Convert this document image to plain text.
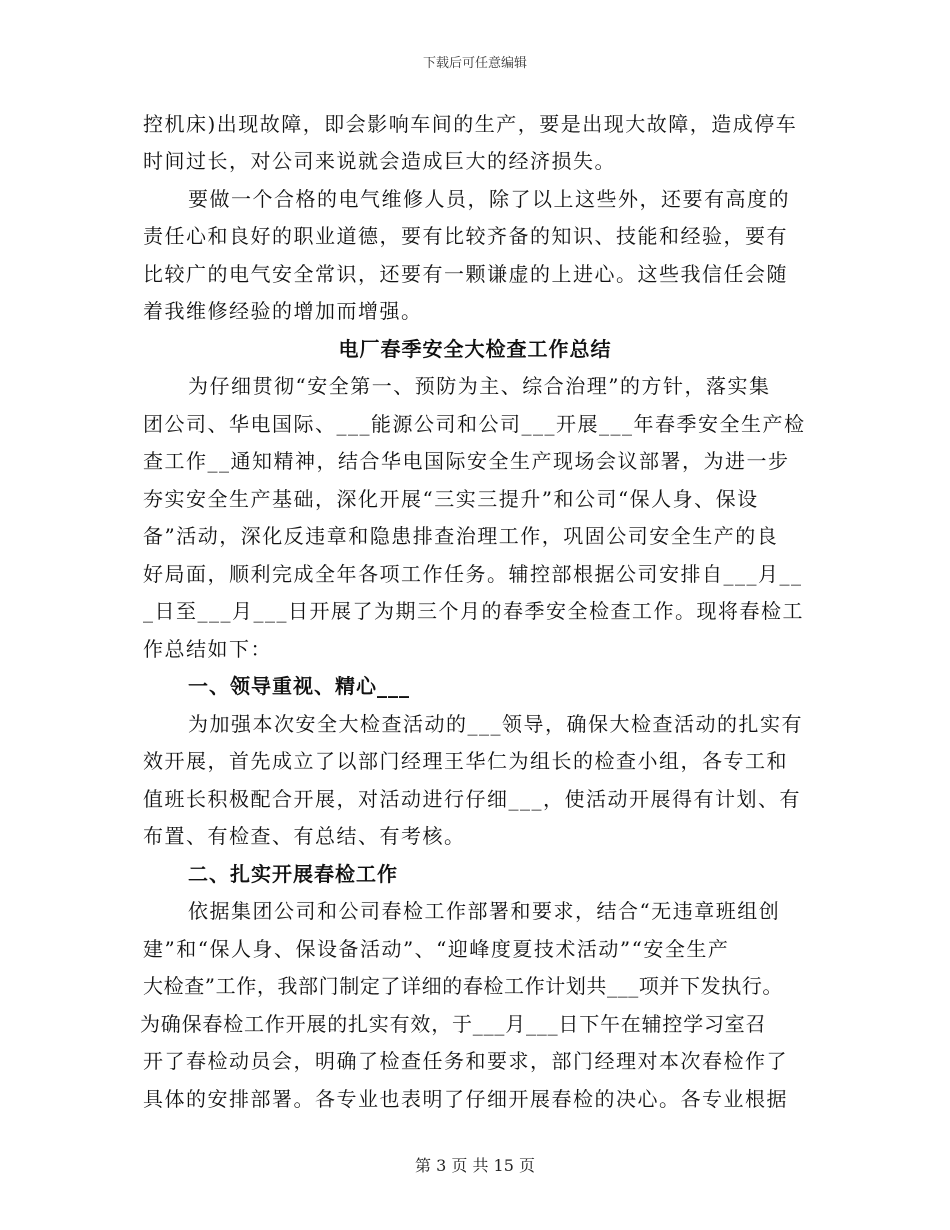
下载后可任意编辑
控机床)出现故障，即会影响车间的生产，要是出现大故障，造成停车
时间过长，对公司来说就会造成巨大的经济损失。
要做一个合格的电气维修人员，除了以上这些外，还要有高度的
责任心和良好的职业道德，要有比较齐备的知识、技能和经验，要有
比较广的电气安全常识，还要有一颗谦虚的上进心。这些我信任会随
着我维修经验的增加而增强。
电厂春季安全大检查工作总结
为仔细贯彻“安全第一、预防为主、综合治理”的方针，落实集
团公司、华电国际、___能源公司和公司___开展___年春季安全生产检
查工作__通知精神，结合华电国际安全生产现场会议部署，为进一步
夯实安全生产基础，深化开展“三实三提升”和公司“保人身、保设
备”活动，深化反违章和隐患排查治理工作，巩固公司安全生产的良
好局面，顺利完成全年各项工作任务。辅控部根据公司安排自___月__
_日至___月___日开展了为期三个月的春季安全检查工作。现将春检工
作总结如下：
一、领导重视、精心___
为加强本次安全大检查活动的___领导，确保大检查活动的扎实有
效开展，首先成立了以部门经理王华仁为组长的检查小组，各专工和
值班长积极配合开展，对活动进行仔细___，使活动开展得有计划、有
布置、有检查、有总结、有考核。
二、扎实开展春检工作
依据集团公司和公司春检工作部署和要求，结合“无违章班组创
建”和“保人身、保设备活动”、“迎峰度夏技术活动”“安全生产
大检查”工作，我部门制定了详细的春检工作计划共___项并下发执行。
为确保春检工作开展的扎实有效，于___月___日下午在辅控学习室召
开了春检动员会，明确了检查任务和要求，部门经理对本次春检作了
具体的安排部署。各专业也表明了仔细开展春检的决心。各专业根据
第 3 页 共 15 页
